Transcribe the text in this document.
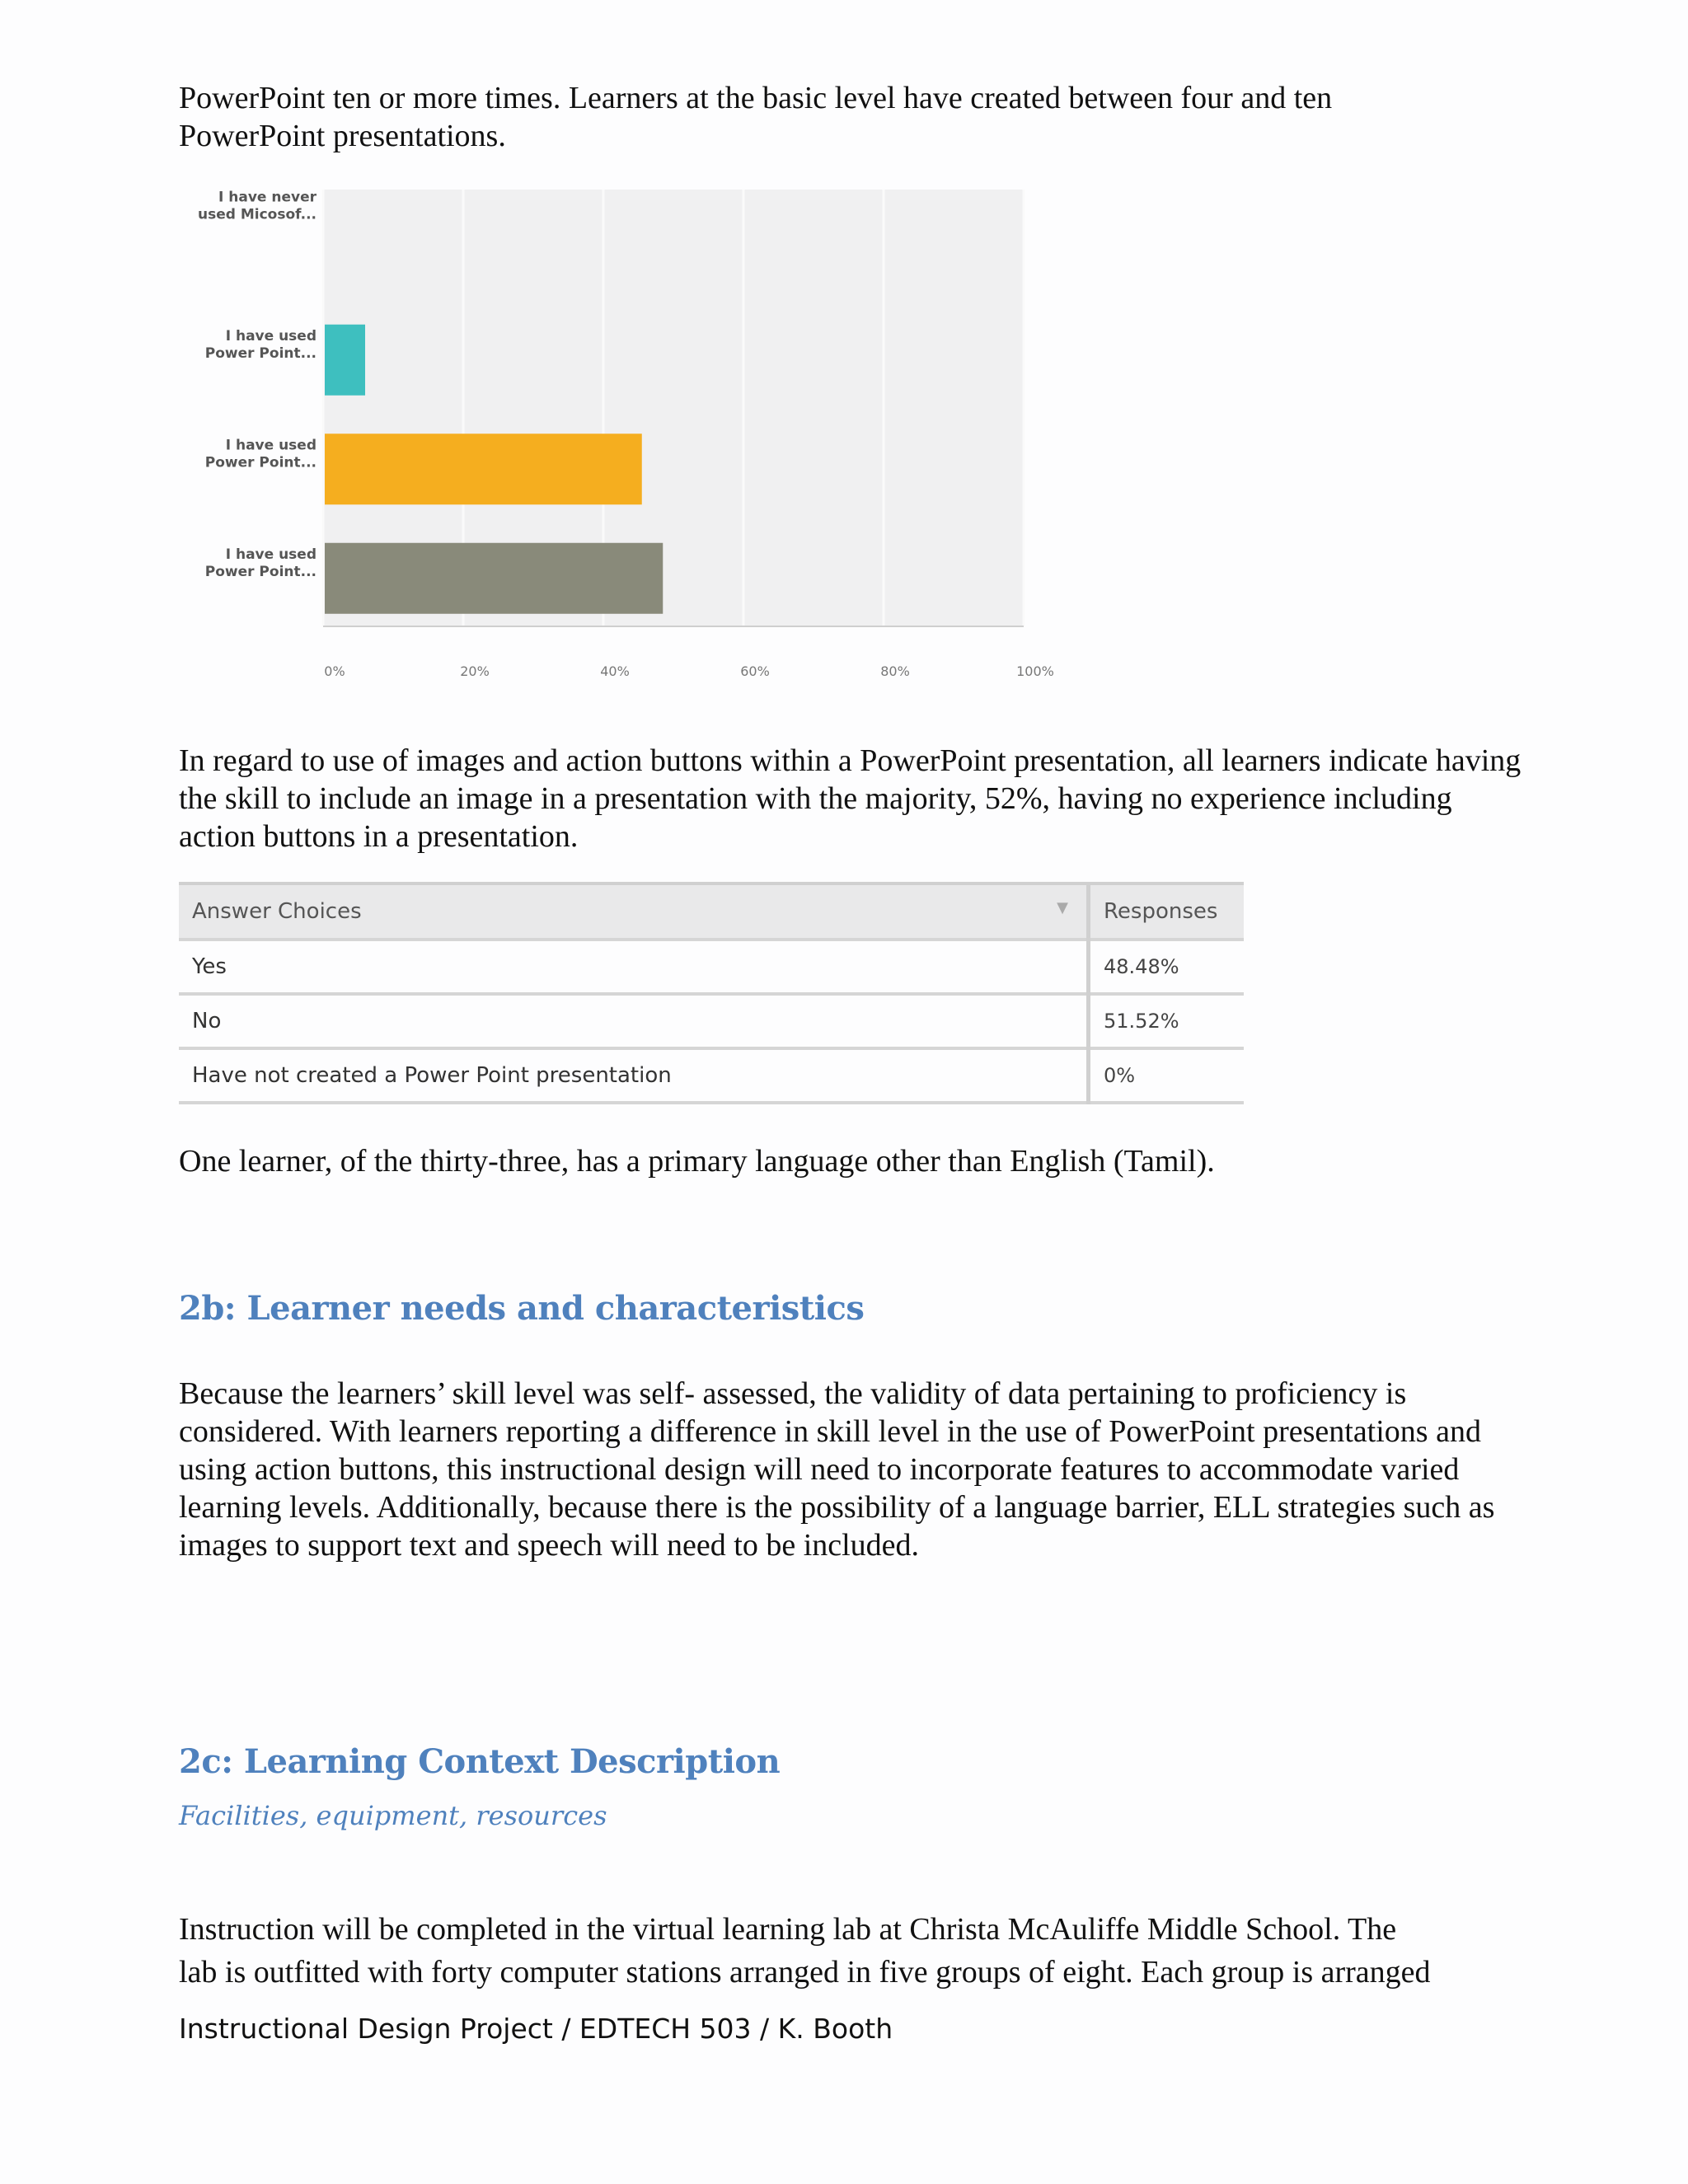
PowerPoint ten or more times. Learners at the basic level have created between four and ten

PowerPoint presentations.

0%	20%	40%	60%	80%	100%
I have never used Micosof...
I have used Power Point...
I have used Power Point...
I have used Power Point...

In regard to use of images and action buttons within a PowerPoint presentation, all learners indicate having the skill to include an image in a presentation with the majority, 52%, having no experience including action buttons in a presentation.

Answer Choices ▼	Responses
Yes	48.48%
No	51.52%
Have not created a Power Point presentation	0%

One learner, of the thirty-three, has a primary language other than English (Tamil).

2b: Learner needs and characteristics

Because the learners’ skill level was self- assessed, the validity of data pertaining to proficiency is considered. With learners reporting a difference in skill level in the use of PowerPoint presentations and using action buttons, this instructional design will need to incorporate features to accommodate varied learning levels. Additionally, because there is the possibility of a language barrier, ELL strategies such as images to support text and speech will need to be included.

2c: Learning Context Description

Facilities, equipment, resources

Instruction will be completed in the virtual learning lab at Christa McAuliffe Middle School. The

lab is outfitted with forty computer stations arranged in five groups of eight. Each group is arranged

Instructional Design Project / EDTECH 503 / K. Booth
